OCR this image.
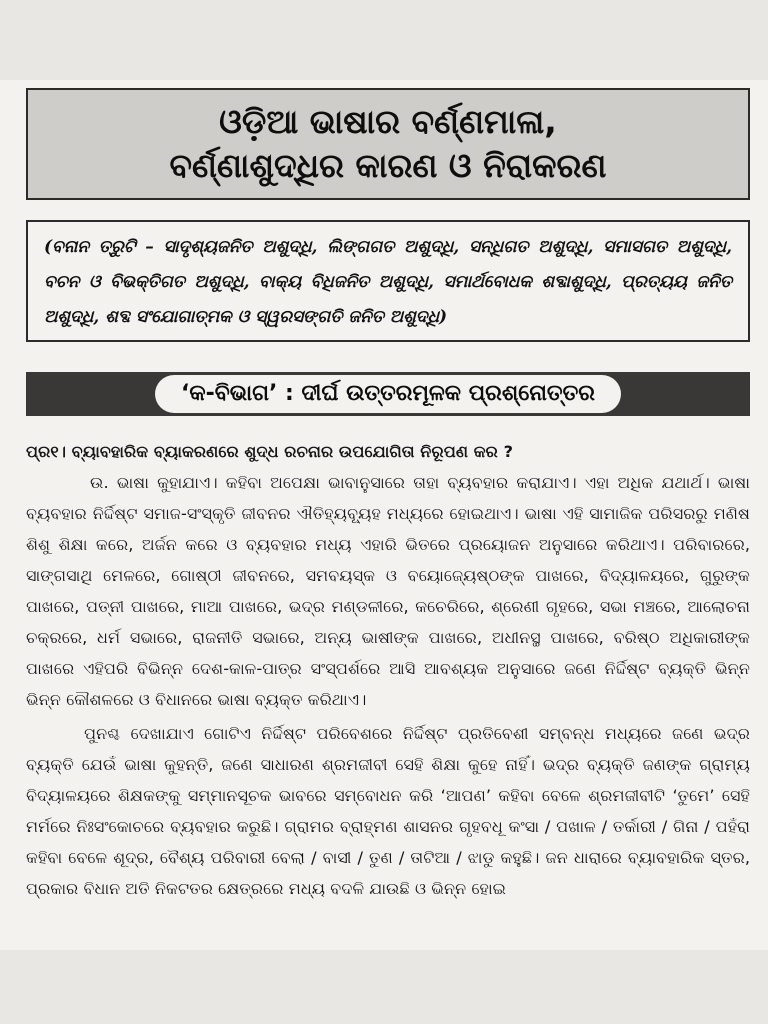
ଓଡ଼ିଆ ଭାଷାର ବର୍ଣ୍ଣମାଳା,
ବର୍ଣ୍ଣାଶୁଦ୍ଧିର କାରଣ ଓ ନିରାକରଣ
(ବନାନ ତ୍ରୁଟି – ସାଦୃଶ୍ୟଜନିତ ଅଶୁଦ୍ଧି, ଲିଙ୍ଗଗତ ଅଶୁଦ୍ଧି, ସନ୍ଧିଗତ ଅଶୁଦ୍ଧି, ସମାସଗତ ଅଶୁଦ୍ଧି, ବଚନ ଓ ବିଭକ୍ତିଗତ ଅଶୁଦ୍ଧି, ବାକ୍ୟ ବିଧିଜନିତ ଅଶୁଦ୍ଧି, ସମାର୍ଥବୋଧକ ଶବ୍ଦାଶୁଦ୍ଧି, ପ୍ରତ୍ୟୟ ଜନିତ ଅଶୁଦ୍ଧି, ଶବ୍ଦ ସଂଯୋଗାତ୍ମକ ଓ ସ୍ୱରସଙ୍ଗତି ଜନିତ ଅଶୁଦ୍ଧି)
‘କ-ବିଭାଗ’ : ଦୀର୍ଘ ଉତ୍ତରମୂଳକ ପ୍ରଶ୍ନୋତ୍ତର
ପ୍ର୧। ବ୍ୟାବହାରିକ ବ୍ୟାକରଣରେ ଶୁଦ୍ଧ ରଚନାର ଉପଯୋଗିତା ନିରୂପଣ କର ?

ଉ. ଭାଷା କୁହାଯାଏ। କହିବା ଅପେକ୍ଷା ଭାବାନୁସାରେ ତାହା ବ୍ୟବହାର କରାଯାଏ। ଏହା ଅଧିକ ଯଥାର୍ଥ। ଭାଷା ବ୍ୟବହାର ନିର୍ଦ୍ଦିଷ୍ଟ ସମାଜ-ସଂସ୍କୃତି ଜୀବନର ଐତିହ୍ୟବ୍ୟୂହ ମଧ୍ୟରେ ହୋଇଥାଏ। ଭାଷା ଏହି ସାମାଜିକ ପରିସରରୁ ମଣିଷ ଶିଶୁ ଶିକ୍ଷା କରେ, ଅର୍ଜନ କରେ ଓ ବ୍ୟବହାର ମଧ୍ୟ ଏହାରି ଭିତରେ ପ୍ରୟୋଜନ ଅନୁସାରେ କରିଥାଏ। ପରିବାରରେ, ସାଙ୍ଗସାଥି ମେଳରେ, ଗୋଷ୍ଠୀ ଜୀବନରେ, ସମବୟସ୍କ ଓ ବୟୋଜ୍ୟେଷ୍ଠଙ୍କ ପାଖରେ, ବିଦ୍ୟାଳୟରେ, ଗୁରୁଙ୍କ ପାଖରେ, ପତ୍ନୀ ପାଖରେ, ମାଆ ପାଖରେ, ଭଦ୍ର ମଣ୍ଡଳୀରେ, କଚେରିରେ, ଶ୍ରେଣୀ ଗୃହରେ, ସଭା ମଞ୍ଚରେ, ଆଲୋଚନା ଚକ୍ରରେ, ଧର୍ମ ସଭାରେ, ରାଜନୀତି ସଭାରେ, ଅନ୍ୟ ଭାଷୀଙ୍କ ପାଖରେ, ଅଧୀନସ୍ଥ ପାଖରେ, ବରିଷ୍ଠ ଅଧିକାରୀଙ୍କ ପାଖରେ ଏହିପରି ବିଭିନ୍ନ ଦେଶ-କାଳ-ପାତ୍ର ସଂସ୍ପର୍ଶରେ ଆସି ଆବଶ୍ୟକ ଅନୁସାରେ ଜଣେ ନିର୍ଦ୍ଦିଷ୍ଟ ବ୍ୟକ୍ତି ଭିନ୍ନ ଭିନ୍ନ କୌଶଳରେ ଓ ବିଧାନରେ ଭାଷା ବ୍ୟକ୍ତ କରିଥାଏ।

ପୁନଶ୍ଚ ଦେଖାଯାଏ ଗୋଟିଏ ନିର୍ଦ୍ଦିଷ୍ଟ ପରିବେଶରେ ନିର୍ଦ୍ଦିଷ୍ଟ ପ୍ରତିବେଶୀ ସମ୍ବନ୍ଧ ମଧ୍ୟରେ ଜଣେ ଭଦ୍ର ବ୍ୟକ୍ତି ଯେଉଁ ଭାଷା କୁହନ୍ତି, ଜଣେ ସାଧାରଣ ଶ୍ରମଜୀବୀ ସେହି ଶିକ୍ଷା କୁହେ ନାହିଁ। ଭଦ୍ର ବ୍ୟକ୍ତି ଜଣଙ୍କ ଗ୍ରାମ୍ୟ ବିଦ୍ୟାଳୟରେ ଶିକ୍ଷକଙ୍କୁ ସମ୍ମାନସୂଚକ ଭାବରେ ସମ୍ବୋଧନ କରି ‘ଆପଣ’ କହିବା ବେଳେ ଶ୍ରମଜୀବୀଟି ‘ତୁମେ’ ସେହି ମର୍ମରେ ନିଃସଂକୋଚରେ ବ୍ୟବହାର କରୁଛି। ଗ୍ରାମର ବ୍ରାହ୍ମଣ ଶାସନର ଗୃହବଧୂ କଂସା / ପଖାଳ / ତର୍କାରୀ / ଗିନା / ପହଁରା କହିବା ବେଳେ ଶୂଦ୍ର, ବୈଶ୍ୟ ପରିବାରୀ ବେଲା / ବାସୀ / ତୁଣ / ତାଟିଆ / ଝାଡୁ କହୁଛି। ଜନ ଧାରାରେ ବ୍ୟାବହାରିକ ସ୍ତର, ପ୍ରକାର ବିଧାନ ଅତି ନିକଟତର କ୍ଷେତ୍ରରେ ମଧ୍ୟ ବଦଳି ଯାଉଛି ଓ ଭିନ୍ନ ହୋଇ
